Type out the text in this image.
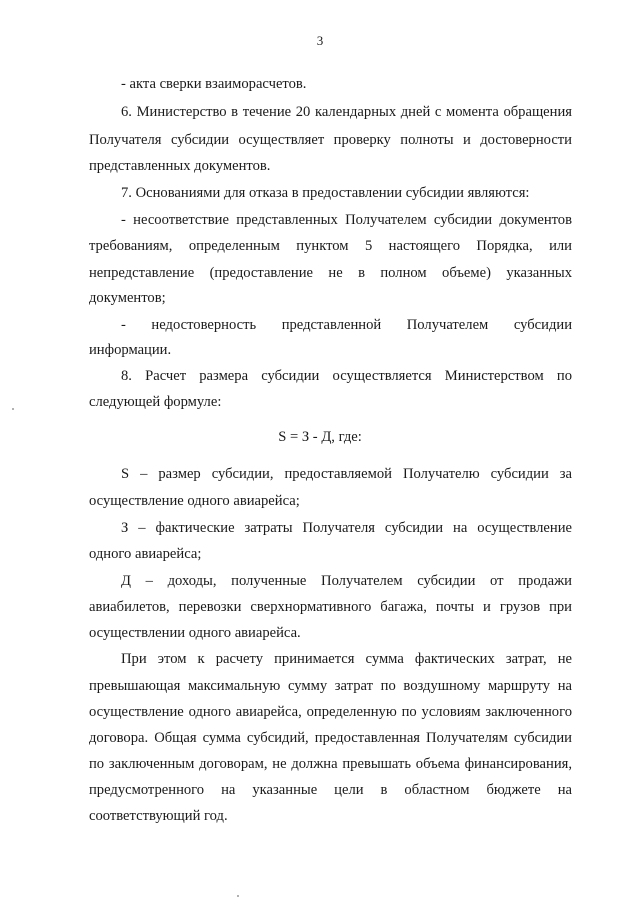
3
- акта сверки взаиморасчетов.
6. Министерство в течение 20 календарных дней с момента обращения
Получателя субсидии осуществляет проверку полноты и достоверности
представленных документов.
7. Основаниями для отказа в предоставлении субсидии являются:
- несоответствие представленных Получателем субсидии документов
требованиям, определенным пунктом 5 настоящего Порядка, или
непредставление (предоставление не в полном объеме) указанных
документов;
- недостоверность представленной Получателем субсидии
информации.
8. Расчет размера субсидии осуществляется Министерством по
следующей формуле:
S = З - Д, где:
S – размер субсидии, предоставляемой Получателю субсидии за
осуществление одного авиарейса;
З – фактические затраты Получателя субсидии на осуществление
одного авиарейса;
Д – доходы, полученные Получателем субсидии от продажи
авиабилетов, перевозки сверхнормативного багажа, почты и грузов при
осуществлении одного авиарейса.
При этом к расчету принимается сумма фактических затрат, не
превышающая максимальную сумму затрат по воздушному маршруту на
осуществление одного авиарейса, определенную по условиям заключенного
договора. Общая сумма субсидий, предоставленная Получателям субсидии
по заключенным договорам, не должна превышать объема финансирования,
предусмотренного на указанные цели в областном бюджете на
соответствующий год.
